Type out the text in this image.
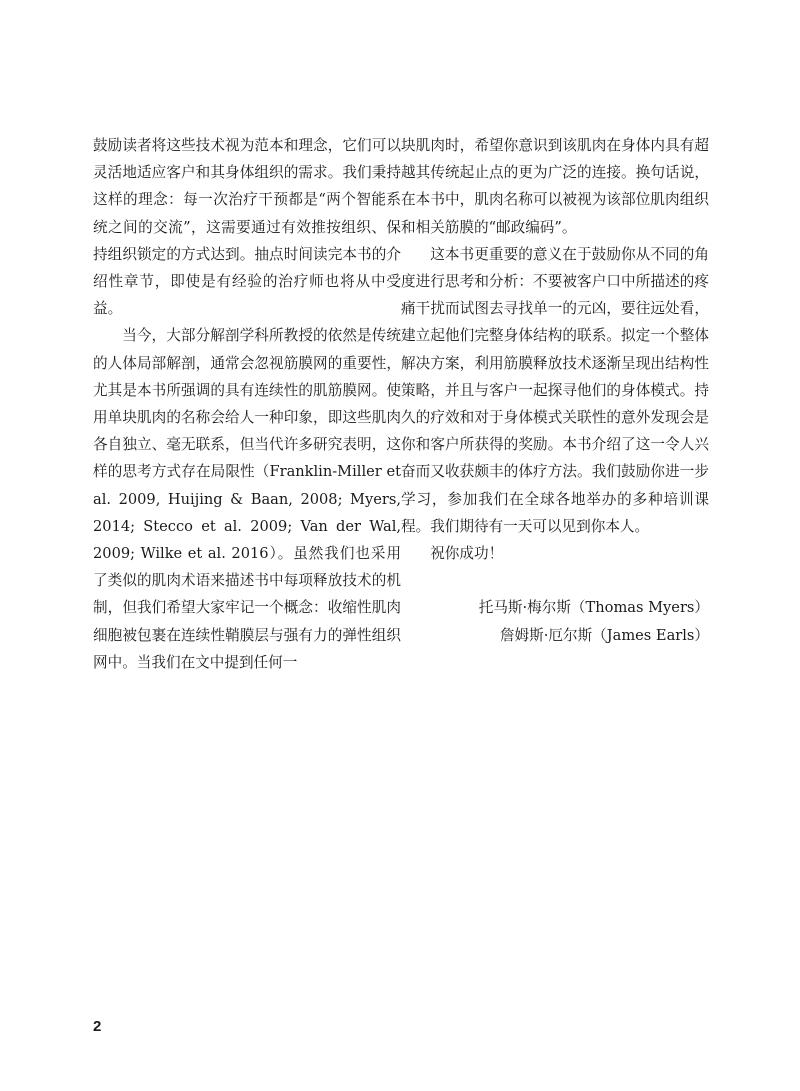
鼓励读者将这些技术视为范本和理念，它们可以灵活地适应客户和其身体组织的需求。我们秉持这样的理念：每一次治疗干预都是“两个智能系统之间的交流”，这需要通过有效推按组织、保持组织锁定的方式达到。抽点时间读完本书的介绍性章节，即使是有经验的治疗师也将从中受益。

当今，大部分解剖学科所教授的依然是传统的人体局部解剖，通常会忽视筋膜网的重要性，尤其是本书所强调的具有连续性的肌筋膜网。使用单块肌肉的名称会给人一种印象，即这些肌肉各自独立、毫无联系，但当代许多研究表明，这样的思考方式存在局限性（Franklin-Miller et al. 2009, Huijing & Baan, 2008; Myers, 2014; Stecco et al. 2009; Van der Wal, 2009; Wilke et al. 2016）。虽然我们也采用了类似的肌肉术语来描述书中每项释放技术的机制，但我们希望大家牢记一个概念：收缩性肌肉细胞被包裹在连续性鞘膜层与强有力的弹性组织网中。当我们在文中提到任何一

块肌肉时，希望你意识到该肌肉在身体内具有超越其传统起止点的更为广泛的连接。换句话说，在本书中，肌肉名称可以被视为该部位肌肉组织和相关筋膜的“邮政编码”。

这本书更重要的意义在于鼓励你从不同的角度进行思考和分析：不要被客户口中所描述的疼痛干扰而试图去寻找单一的元凶，要往远处看，建立起他们完整身体结构的联系。拟定一个整体解决方案，利用筋膜释放技术逐渐呈现出结构性策略，并且与客户一起探寻他们的身体模式。持久的疗效和对于身体模式关联性的意外发现会是你和客户所获得的奖励。本书介绍了这一令人兴奋而又收获颇丰的体疗方法。我们鼓励你进一步学习，参加我们在全球各地举办的多种培训课程。我们期待有一天可以见到你本人。

祝你成功！

托马斯·梅尔斯（Thomas Myers）
詹姆斯·厄尔斯（James Earls）

2
